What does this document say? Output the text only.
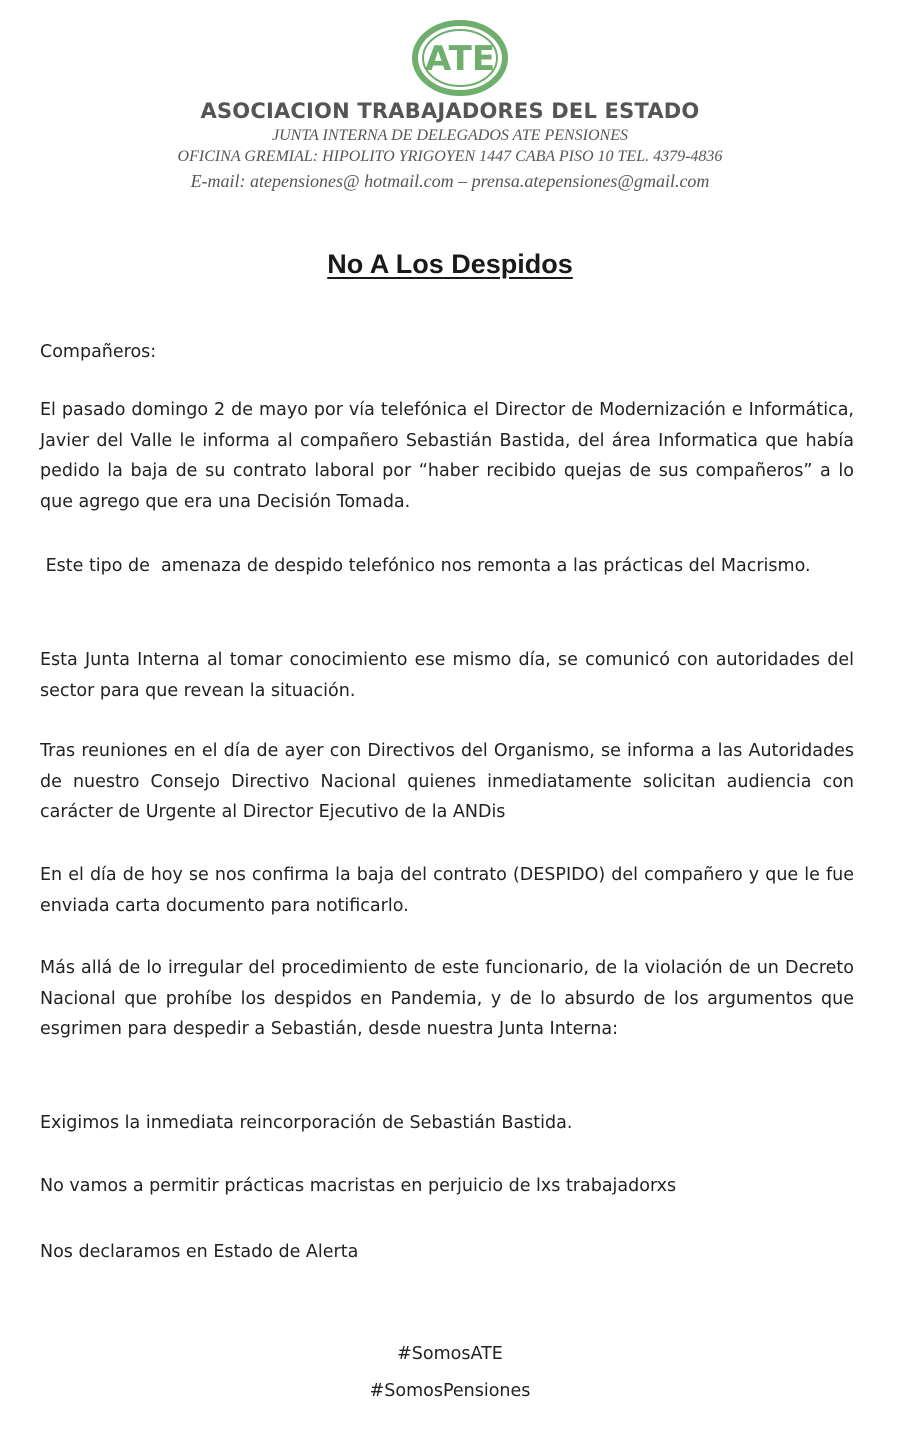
ATE

ASOCIACION TRABAJADORES DEL ESTADO

JUNTA INTERNA DE DELEGADOS ATE PENSIONES

OFICINA GREMIAL: HIPOLITO YRIGOYEN 1447 CABA PISO 10 TEL. 4379-4836

E-mail: atepensiones@ hotmail.com – prensa.atepensiones@gmail.com

No A Los Despidos

Compañeros:

El pasado domingo 2 de mayo por vía telefónica el Director de Modernización e Informática, Javier del Valle le informa al compañero Sebastián Bastida, del área Informatica que había pedido la baja de su contrato laboral por “haber recibido quejas de sus compañeros” a lo que agrego que era una Decisión Tomada.

Este tipo de  amenaza de despido telefónico nos remonta a las prácticas del Macrismo.

Esta Junta Interna al tomar conocimiento ese mismo día, se comunicó con autoridades del sector para que revean la situación.

Tras reuniones en el día de ayer con Directivos del Organismo, se informa a las Autoridades de nuestro Consejo Directivo Nacional quienes inmediatamente solicitan audiencia con carácter de Urgente al Director Ejecutivo de la ANDis

En el día de hoy se nos confirma la baja del contrato (DESPIDO) del compañero y que le fue enviada carta documento para notificarlo.

Más allá de lo irregular del procedimiento de este funcionario, de la violación de un Decreto Nacional que prohíbe los despidos en Pandemia, y de lo absurdo de los argumentos que esgrimen para despedir a Sebastián, desde nuestra Junta Interna:

Exigimos la inmediata reincorporación de Sebastián Bastida.

No vamos a permitir prácticas macristas en perjuicio de lxs trabajadorxs

Nos declaramos en Estado de Alerta

#SomosATE

#SomosPensiones
